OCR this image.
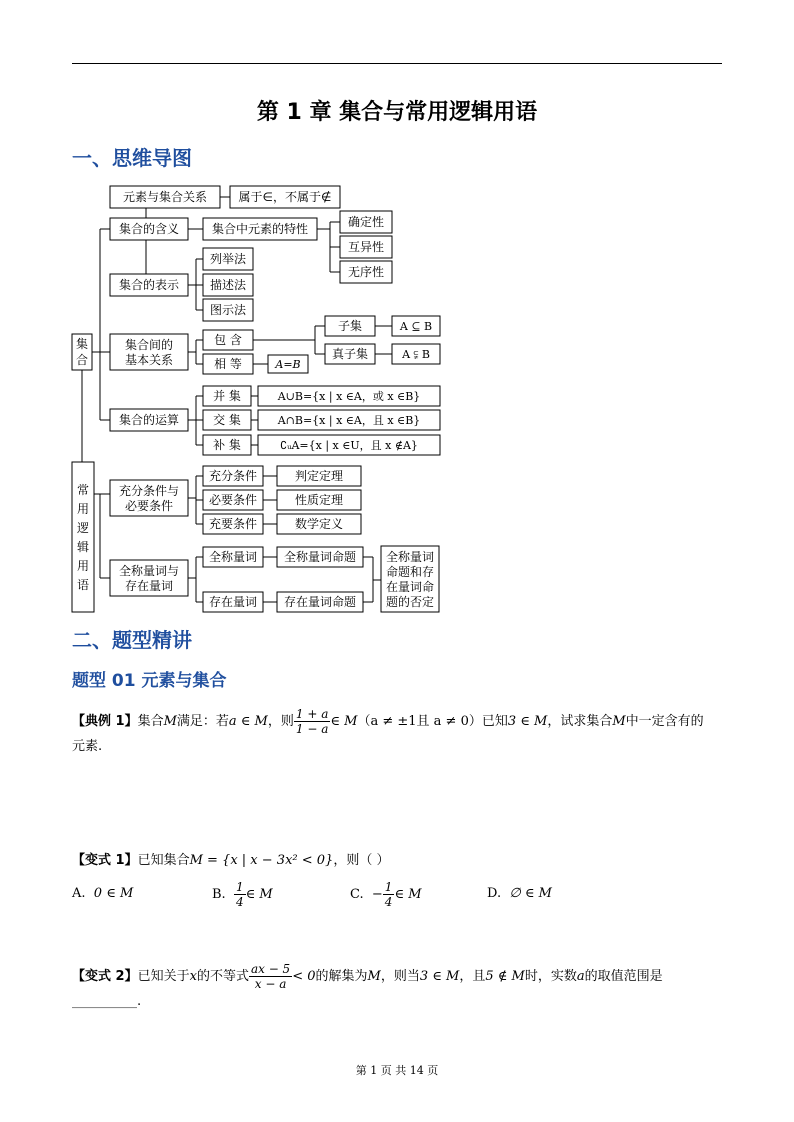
第 1 章 集合与常用逻辑用语
一、思维导图
集
合
常用逻辑用语
元素与集合关系	属于∈，不属于∉
集合的含义	集合中元素的特性	确定性
互异性
无序性
集合的表示
列举法
描述法
图示法
集合间的
基本关系
包 含
相 等	A=B
子集
真子集
A ⊆ B
A ⫋ B
集合的运算
并 集
交 集
补 集
A∪B={x | x ∈A，或 x ∈B}
A∩B={x | x ∈A，且 x ∈B}
∁ᵤA={x | x ∈U，且 x ∉A}
充分条件与
必要条件
充分条件
必要条件
充要条件
判定定理
性质定理
数学定义
全称量词与
存在量词
全称量词
存在量词
全称量词命题
存在量词命题
全称量词
命题和存
在量词命
题的否定
二、题型精讲
题型 01 元素与集合
【典例 1】集合M满足：若a ∈ M，则 $\frac{1 + a}{1 - a}$ ∈ M（a ≠ ±1且 a ≠ 0）已知3 ∈ M，试求集合M中一定含有的
元素.
【变式 1】已知集合M = {x | x − 3x² < 0}，则（ ）
A. 0 ∈ M	B. $\frac{1}{4}$ ∈ M	C. − $\frac{1}{4}$ ∈ M	D. ∅ ∈ M
【变式 2】已知关于x的不等式 $\frac{ax - 5}{x - a} < 0$的解集为M，则当3 ∈ M，且5 ∉ M时，实数a的取值范围是
__________.
第 1 页 共 14 页
